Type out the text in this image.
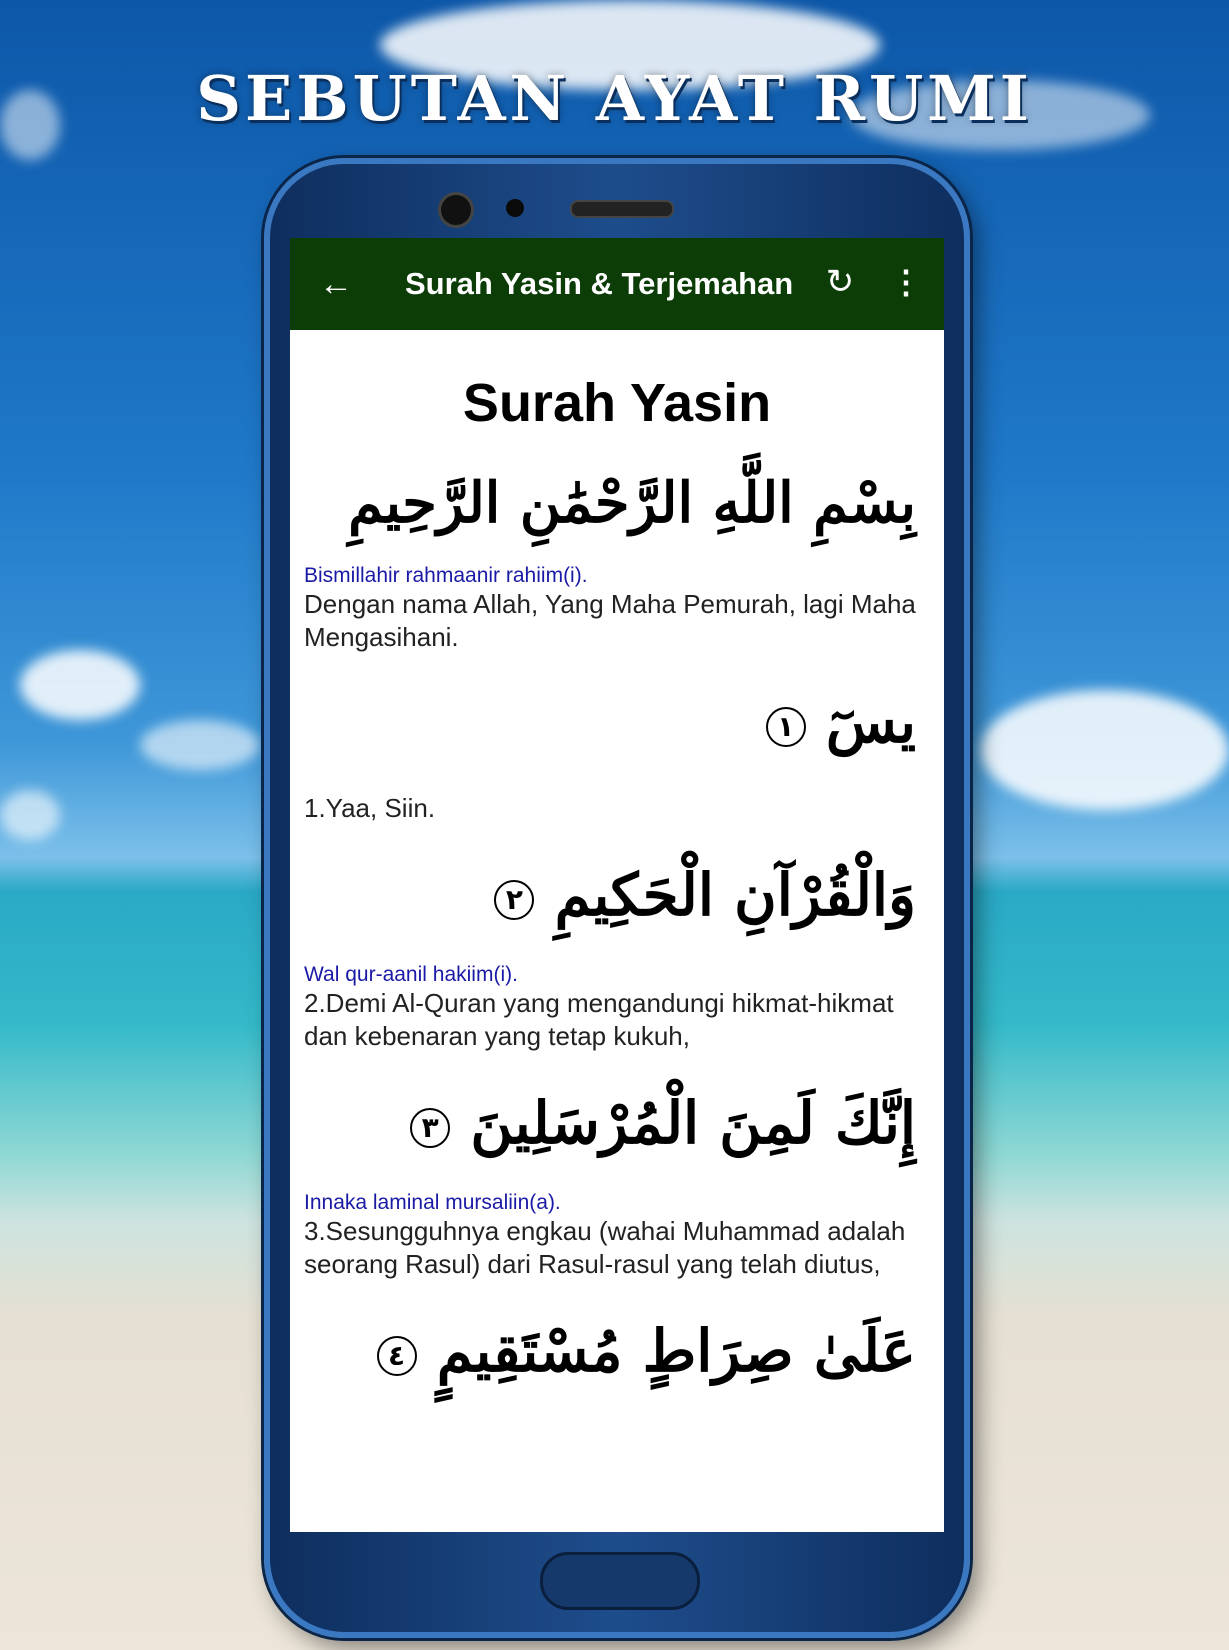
SEBUTAN AYAT RUMI
← Surah Yasin & Terjemahan ↻ ⋮
Surah Yasin
بِسْمِ اللَّهِ الرَّحْمَٰنِ الرَّحِيمِ
Bismillahir rahmaanir rahiim(i).
Dengan nama Allah, Yang Maha Pemurah, lagi Maha Mengasihani.
يسٓ ١
1.Yaa, Siin.
وَالْقُرْآنِ الْحَكِيمِ ٢
Wal qur-aanil hakiim(i).
2.Demi Al-Quran yang mengandungi hikmat-hikmat dan kebenaran yang tetap kukuh,
إِنَّكَ لَمِنَ الْمُرْسَلِينَ ٣
Innaka laminal mursaliin(a).
3.Sesungguhnya engkau (wahai Muhammad adalah seorang Rasul) dari Rasul-rasul yang telah diutus,
عَلَىٰ صِرَاطٍ مُسْتَقِيمٍ ٤
